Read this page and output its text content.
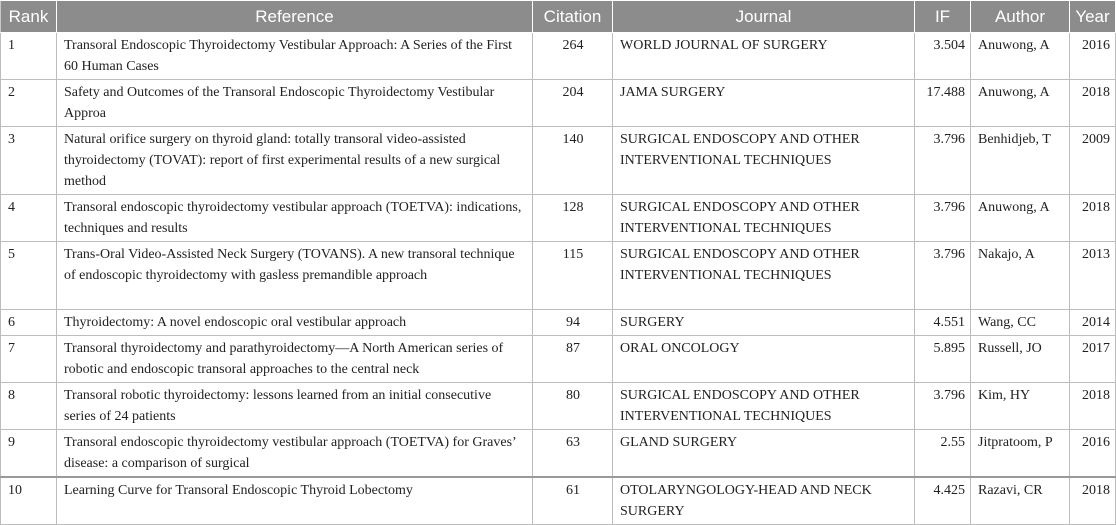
Rank	Reference	Citation	Journal	IF	Author	Year
1	Transoral Endoscopic Thyroidectomy Vestibular Approach: A Series of the First 60 Human Cases	264	WORLD JOURNAL OF SURGERY	3.504	Anuwong, A	2016
2	Safety and Outcomes of the Transoral Endoscopic Thyroidectomy Vestibular Approa	204	JAMA SURGERY	17.488	Anuwong, A	2018
3	Natural orifice surgery on thyroid gland: totally transoral video-assisted thyroidectomy (TOVAT): report of first experimental results of a new surgical method	140	SURGICAL ENDOSCOPY AND OTHER INTERVENTIONAL TECHNIQUES	3.796	Benhidjeb, T	2009
4	Transoral endoscopic thyroidectomy vestibular approach (TOETVA): indications, techniques and results	128	SURGICAL ENDOSCOPY AND OTHER INTERVENTIONAL TECHNIQUES	3.796	Anuwong, A	2018
5	Trans-Oral Video-Assisted Neck Surgery (TOVANS). A new transoral technique of endoscopic thyroidectomy with gasless premandible approach	115	SURGICAL ENDOSCOPY AND OTHER INTERVENTIONAL TECHNIQUES	3.796	Nakajo, A	2013
6	Thyroidectomy: A novel endoscopic oral vestibular approach	94	SURGERY	4.551	Wang, CC	2014
7	Transoral thyroidectomy and parathyroidectomy—A North American series of robotic and endoscopic transoral approaches to the central neck	87	ORAL ONCOLOGY	5.895	Russell, JO	2017
8	Transoral robotic thyroidectomy: lessons learned from an initial consecutive series of 24 patients	80	SURGICAL ENDOSCOPY AND OTHER INTERVENTIONAL TECHNIQUES	3.796	Kim, HY	2018
9	Transoral endoscopic thyroidectomy vestibular approach (TOETVA) for Graves’ disease: a comparison of surgical	63	GLAND SURGERY	2.55	Jitpratoom, P	2016
10	Learning Curve for Transoral Endoscopic Thyroid Lobectomy	61	OTOLARYNGOLOGY-HEAD AND NECK SURGERY	4.425	Razavi, CR	2018
